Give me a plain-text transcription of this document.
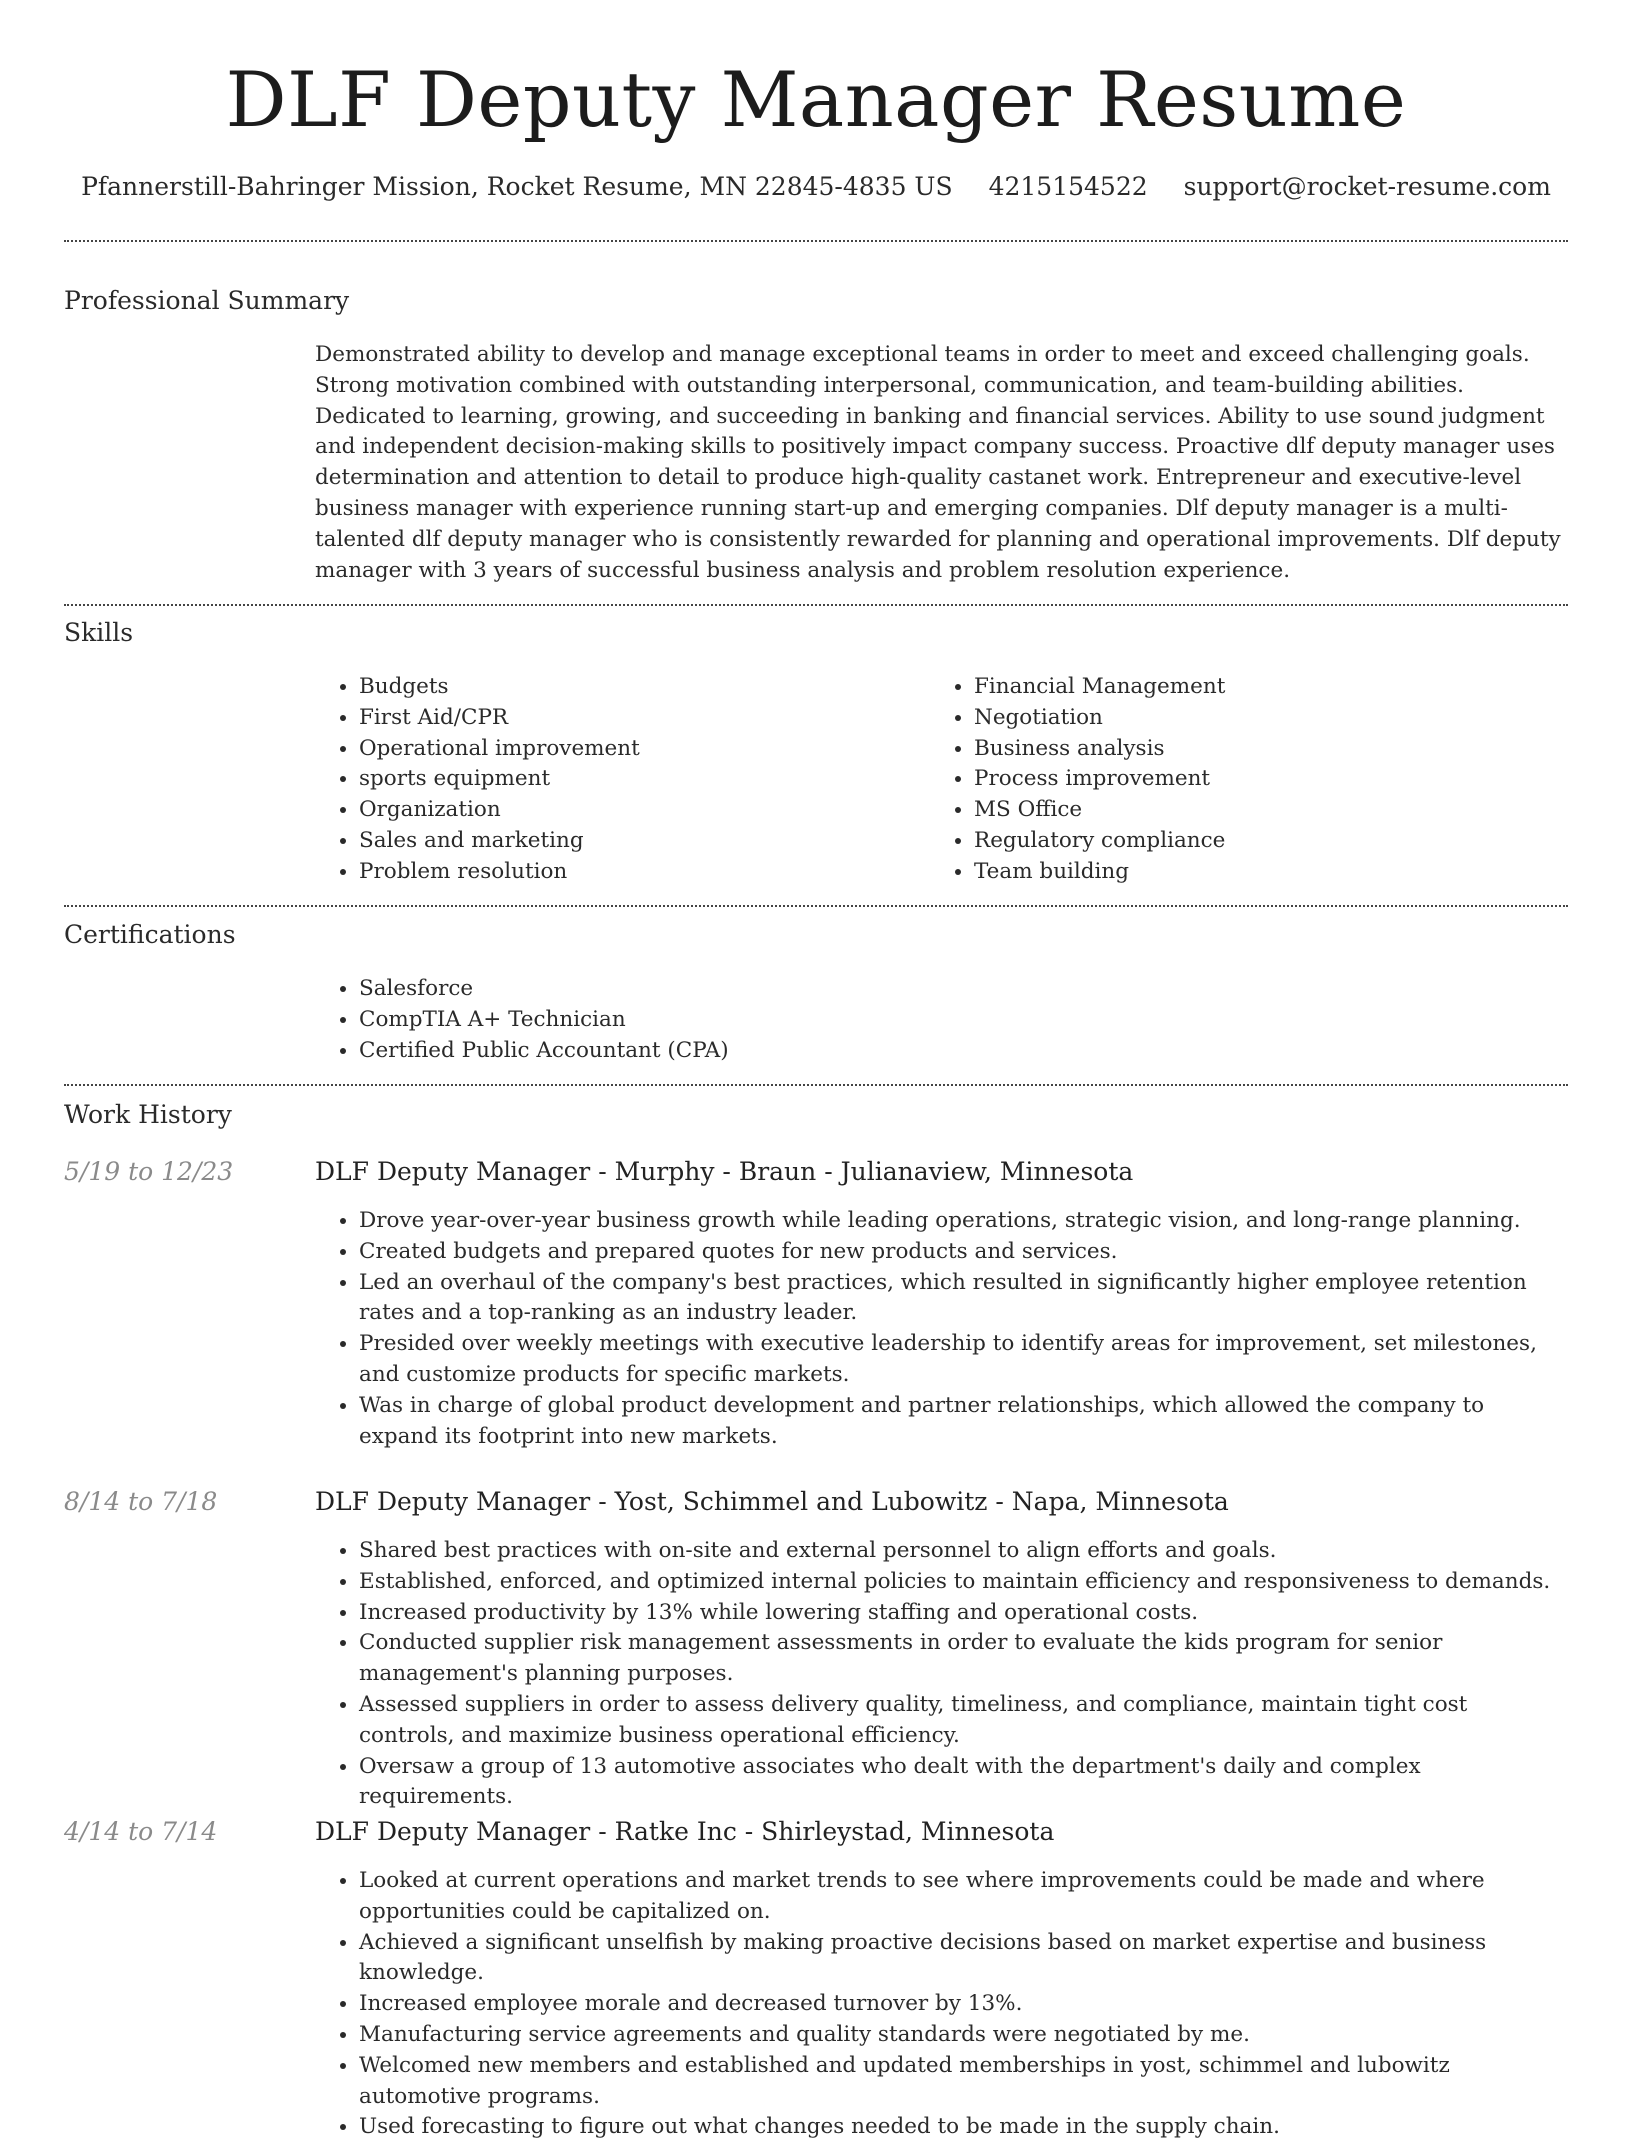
DLF Deputy Manager Resume
Pfannerstill-Bahringer Mission, Rocket Resume, MN 22845-4835 US 4215154522 support@rocket-resume.com
Professional Summary
Demonstrated ability to develop and manage exceptional teams in order to meet and exceed challenging goals. Strong motivation combined with outstanding interpersonal, communication, and team-building abilities. Dedicated to learning, growing, and succeeding in banking and financial services. Ability to use sound judgment and independent decision-making skills to positively impact company success. Proactive dlf deputy manager uses determination and attention to detail to produce high-quality castanet work. Entrepreneur and executive-level business manager with experience running start-up and emerging companies. Dlf deputy manager is a multi-talented dlf deputy manager who is consistently rewarded for planning and operational improvements. Dlf deputy manager with 3 years of successful business analysis and problem resolution experience.
Skills
• Budgets
• First Aid/CPR
• Operational improvement
• sports equipment
• Organization
• Sales and marketing
• Problem resolution
• Financial Management
• Negotiation
• Business analysis
• Process improvement
• MS Office
• Regulatory compliance
• Team building
Certifications
• Salesforce
• CompTIA A+ Technician
• Certified Public Accountant (CPA)
Work History
5/19 to 12/23	DLF Deputy Manager - Murphy - Braun - Julianaview, Minnesota
• Drove year-over-year business growth while leading operations, strategic vision, and long-range planning.
• Created budgets and prepared quotes for new products and services.
• Led an overhaul of the company's best practices, which resulted in significantly higher employee retention rates and a top-ranking as an industry leader.
• Presided over weekly meetings with executive leadership to identify areas for improvement, set milestones, and customize products for specific markets.
• Was in charge of global product development and partner relationships, which allowed the company to expand its footprint into new markets.
8/14 to 7/18	DLF Deputy Manager - Yost, Schimmel and Lubowitz - Napa, Minnesota
• Shared best practices with on-site and external personnel to align efforts and goals.
• Established, enforced, and optimized internal policies to maintain efficiency and responsiveness to demands.
• Increased productivity by 13% while lowering staffing and operational costs.
• Conducted supplier risk management assessments in order to evaluate the kids program for senior management's planning purposes.
• Assessed suppliers in order to assess delivery quality, timeliness, and compliance, maintain tight cost controls, and maximize business operational efficiency.
• Oversaw a group of 13 automotive associates who dealt with the department's daily and complex requirements.
4/14 to 7/14	DLF Deputy Manager - Ratke Inc - Shirleystad, Minnesota
• Looked at current operations and market trends to see where improvements could be made and where opportunities could be capitalized on.
• Achieved a significant unselfish by making proactive decisions based on market expertise and business knowledge.
• Increased employee morale and decreased turnover by 13%.
• Manufacturing service agreements and quality standards were negotiated by me.
• Welcomed new members and established and updated memberships in yost, schimmel and lubowitz automotive programs.
• Used forecasting to figure out what changes needed to be made in the supply chain.
